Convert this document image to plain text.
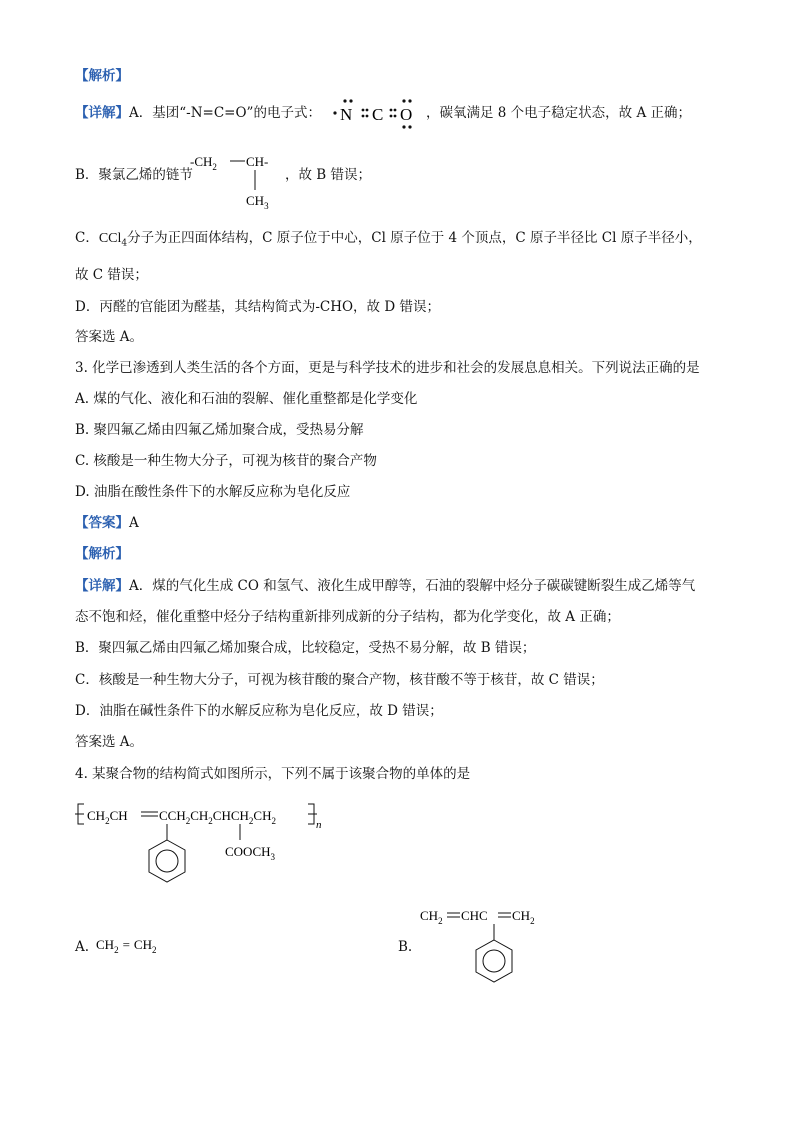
【解析】
【详解】A．基团“-N=C=O”的电子式： N C O ，碳氧满足 8 个电子稳定状态，故 A 正确；
B．聚氯乙烯的链节
$-CH_2$ CH-
$CH_3$
，故 B 错误；
C．CCl$_4$分子为正四面体结构，C 原子位于中心，Cl 原子位于 4 个顶点，C 原子半径比 Cl 原子半径小，
故 C 错误；
D．丙醛的官能团为醛基，其结构简式为-CHO，故 D 错误；
答案选 A。
3. 化学已渗透到人类生活的各个方面，更是与科学技术的进步和社会的发展息息相关。下列说法正确的是
A. 煤的气化、液化和石油的裂解、催化重整都是化学变化
B. 聚四氟乙烯由四氟乙烯加聚合成，受热易分解
C. 核酸是一种生物大分子，可视为核苷的聚合产物
D. 油脂在酸性条件下的水解反应称为皂化反应
【答案】A
【解析】
【详解】A．煤的气化生成 CO 和氢气、液化生成甲醇等，石油的裂解中烃分子碳碳键断裂生成乙烯等气
态不饱和烃，催化重整中烃分子结构重新排列成新的分子结构，都为化学变化，故 A 正确；
B．聚四氟乙烯由四氟乙烯加聚合成，比较稳定，受热不易分解，故 B 错误；
C．核酸是一种生物大分子，可视为核苷酸的聚合产物，核苷酸不等于核苷，故 C 错误；
D．油脂在碱性条件下的水解反应称为皂化反应，故 D 错误；
答案选 A。
4. 某聚合物的结构简式如图所示，下列不属于该聚合物的单体的是
$CH_2CH$ $CCH_2CH_2CHCH_2CH_2$	n
$COOCH_3$
A. $CH_2 = CH_2$	B.
$CH_2$ CHC $CH_2$
